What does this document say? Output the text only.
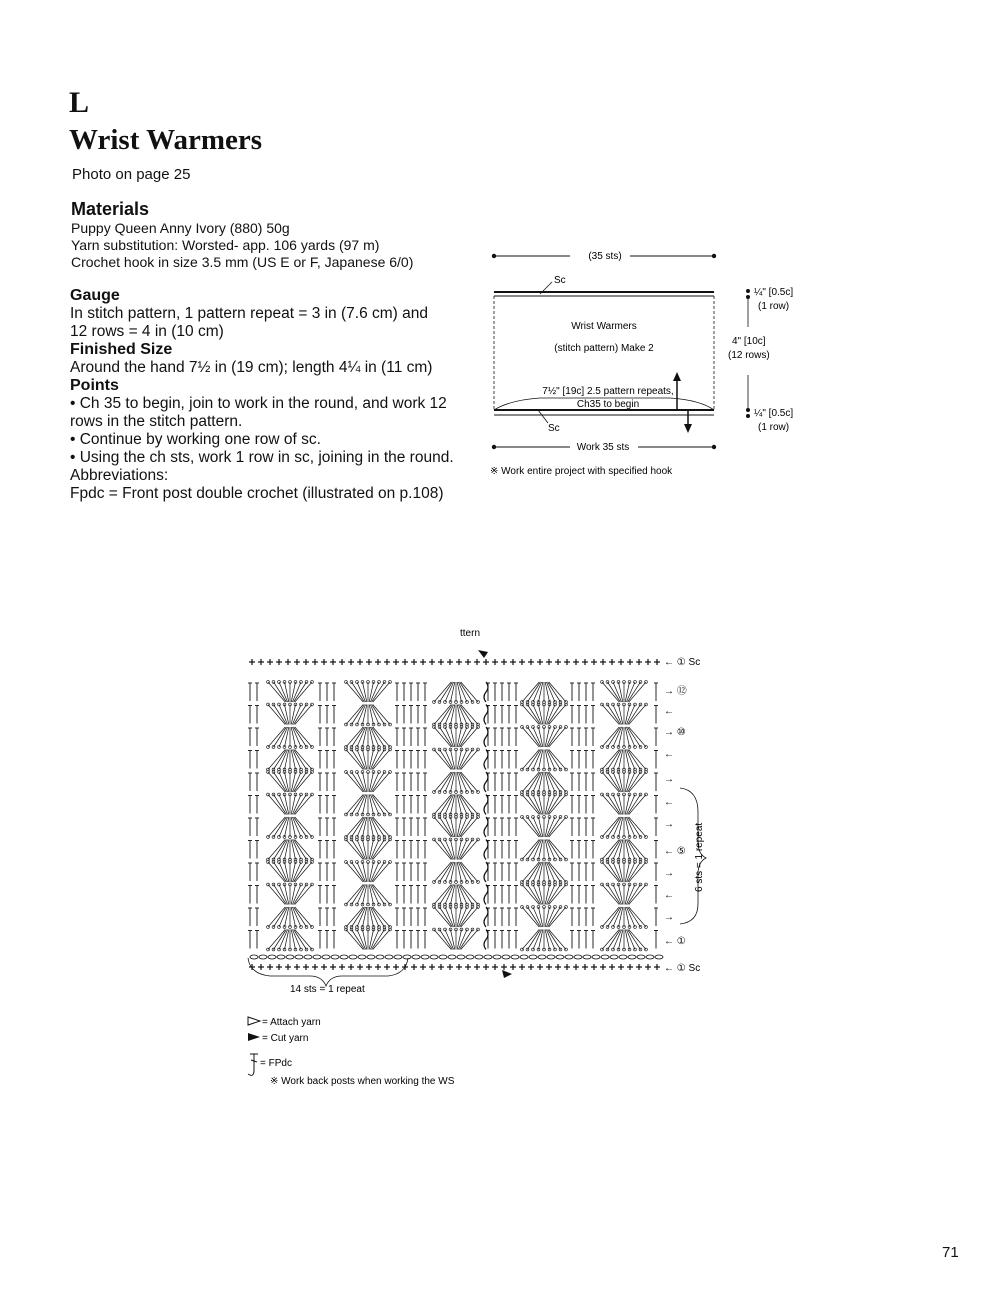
L
Wrist Warmers
Photo on page 25
Materials
Puppy Queen Anny Ivory (880) 50g
Yarn substitution: Worsted- app. 106 yards (97 m)
Crochet hook in size 3.5 mm (US E or F, Japanese 6/0)
Gauge
In stitch pattern, 1 pattern repeat = 3 in (7.6 cm) and
12 rows = 4 in (10 cm)
Finished Size
Around the hand 7½ in (19 cm); length 4¼ in (11 cm)
Points
• Ch 35 to begin, join to work in the round, and work 12
rows in the stitch pattern.
• Continue by working one row of sc.
• Using the ch sts, work 1 row in sc, joining in the round.
Abbreviations:
Fpdc = Front post double crochet (illustrated on p.108)
(35 sts)
Sc
Wrist Warmers
(stitch pattern) Make 2
7½" [19c] 2.5 pattern repeats,
Ch35 to begin
Sc
¼" [0.5c]
(1 row)
4" [10c]
(12 rows)
¼" [0.5c]
(1 row)
Work 35 sts
※ Work entire project with specified hook
ttern
← ① Sc
→ ⑫
←
→ ⑩
←
→
←
→
← ⑤
→
←
→
← ①
← ① Sc
6 sts = 1 repeat
14 sts = 1 repeat
= Attach yarn
= Cut yarn
= FPdc
※ Work back posts when working the WS
71
